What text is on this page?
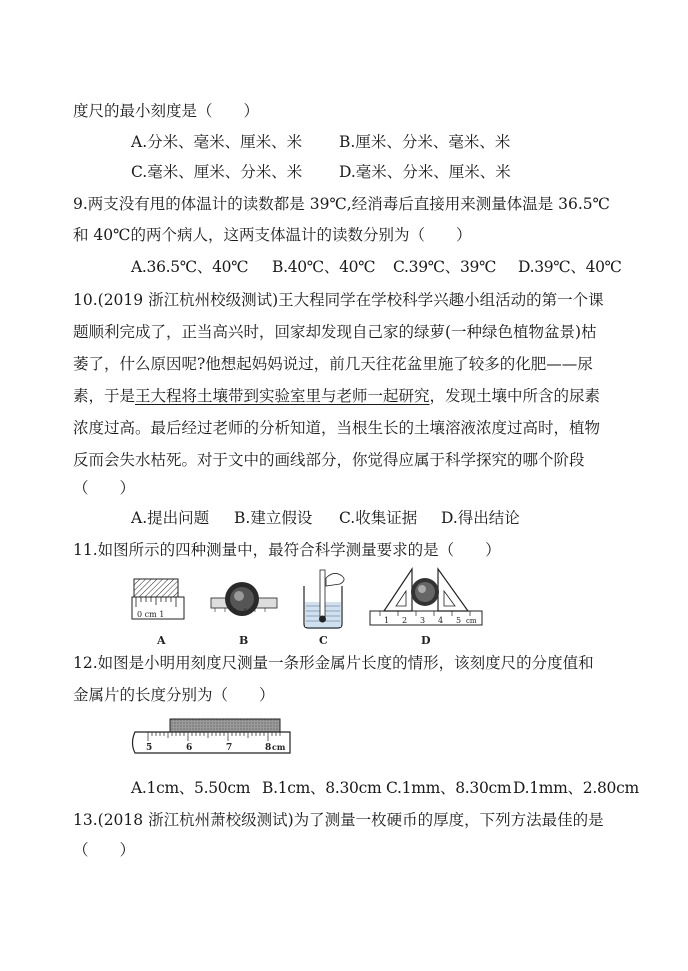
度尺的最小刻度是（　　）
A.分米、毫米、厘米、米 B.厘米、分米、毫米、米
C.毫米、厘米、分米、米 D.毫米、分米、厘米、米
9.两支没有甩的体温计的读数都是 39℃,经消毒后直接用来测量体温是 36.5℃
和 40℃的两个病人，这两支体温计的读数分别为（　　）
A.36.5℃、40℃ B.40℃、40℃ C.39℃、39℃ D.39℃、40℃
10.(2019 浙江杭州校级测试)王大程同学在学校科学兴趣小组活动的第一个课
题顺利完成了，正当高兴时，回家却发现自己家的绿萝(一种绿色植物盆景)枯
萎了，什么原因呢?他想起妈妈说过，前几天往花盆里施了较多的化肥——尿
素，于是王大程将土壤带到实验室里与老师一起研究，发现土壤中所含的尿素
浓度过高。最后经过老师的分析知道，当根生长的土壤溶液浓度过高时，植物
反而会失水枯死。对于文中的画线部分，你觉得应属于科学探究的哪个阶段
（　　）
A.提出问题 B.建立假设 C.收集证据 D.得出结论
11.如图所示的四种测量中，最符合科学测量要求的是（　　）
0 cm 1
A	B	C
1 2 3 4 5 cm
D
12.如图是小明用刻度尺测量一条形金属片长度的情形，该刻度尺的分度值和
金属片的长度分别为（　　）
5	6	7	8 cm
A.1cm、5.50cm B.1cm、8.30cm C.1mm、8.30cm D.1mm、2.80cm
13.(2018 浙江杭州萧校级测试)为了测量一枚硬币的厚度，下列方法最佳的是
（　　）
